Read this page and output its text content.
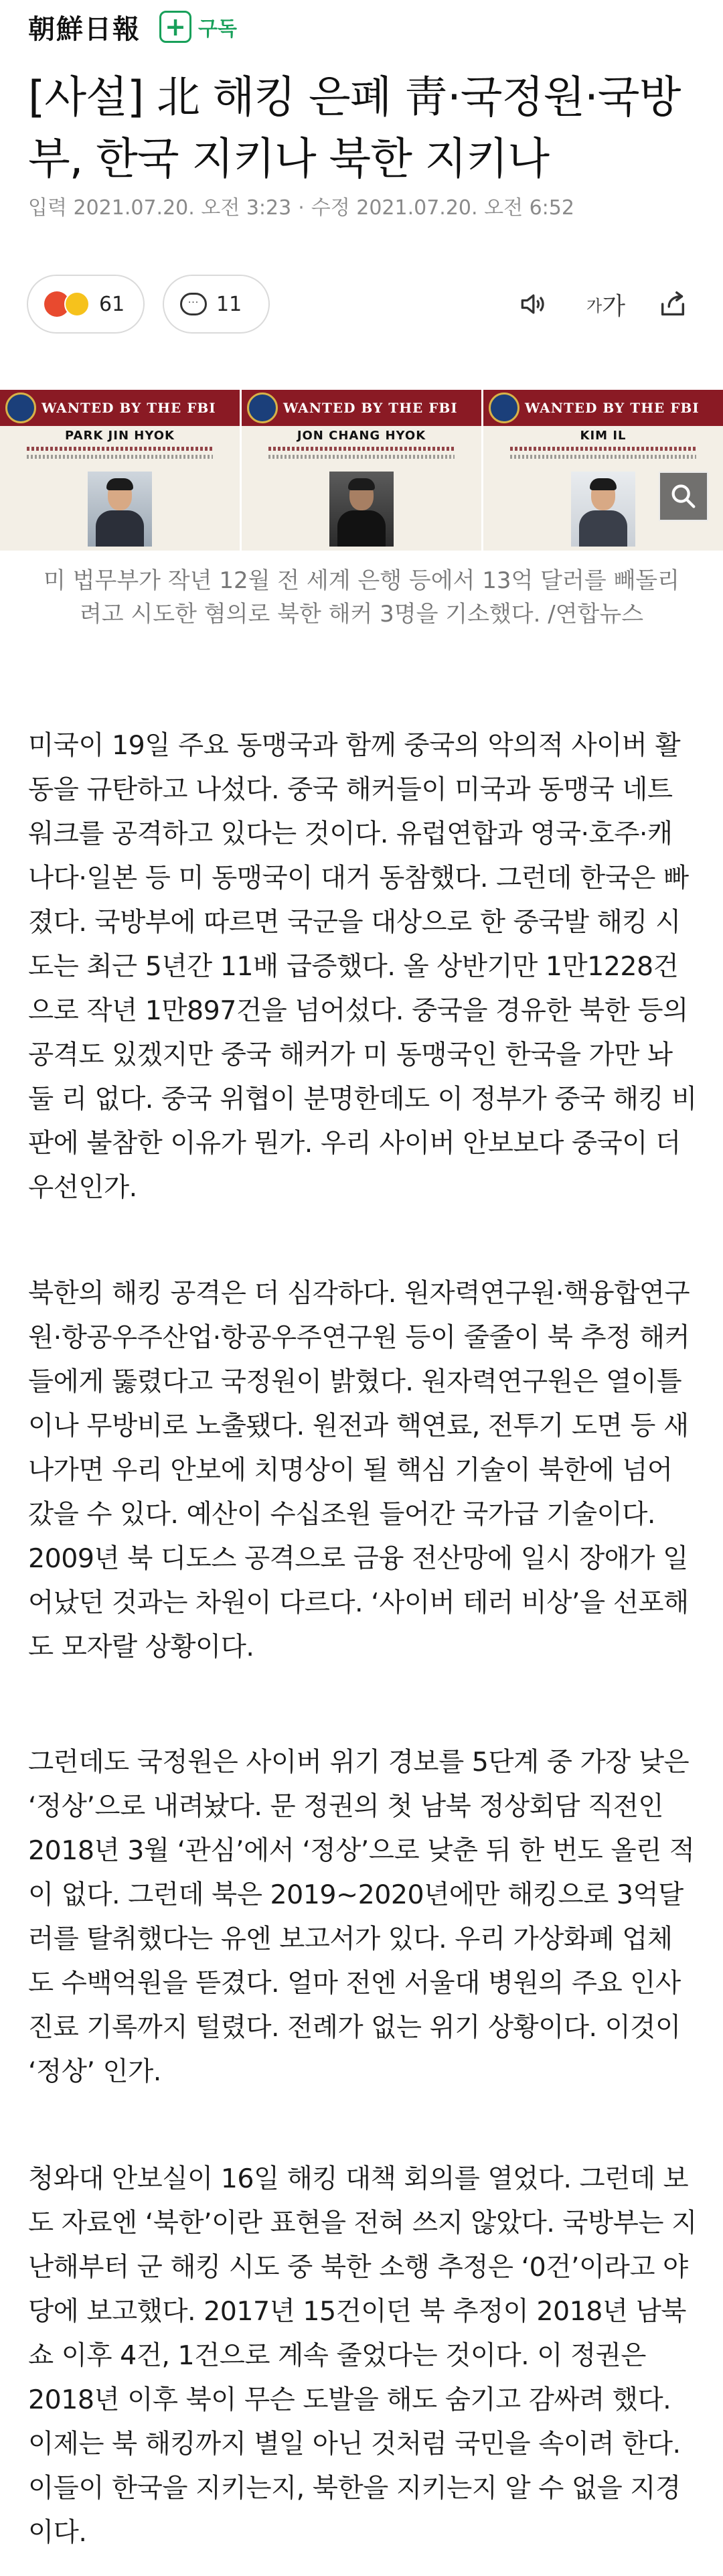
朝鮮日報 + 구독
[사설] 北 해킹 은폐 靑·국정원·국방부, 한국 지키나 북한 지키나
입력 2021.07.20. 오전 3:23 · 수정 2021.07.20. 오전 6:52
61	··· 11	가 가
WANTED BY THE FBI
PARK JIN HYOK
WANTED BY THE FBI
JON CHANG HYOK
WANTED BY THE FBI
KIM IL
미 법무부가 작년 12월 전 세계 은행 등에서 13억 달러를 빼돌리려고 시도한 혐의로 북한 해커 3명을 기소했다. /연합뉴스

미국이 19일 주요 동맹국과 함께 중국의 악의적 사이버 활동을 규탄하고 나섰다. 중국 해커들이 미국과 동맹국 네트워크를 공격하고 있다는 것이다. 유럽연합과 영국·호주·캐나다·일본 등 미 동맹국이 대거 동참했다. 그런데 한국은 빠졌다. 국방부에 따르면 국군을 대상으로 한 중국발 해킹 시도는 최근 5년간 11배 급증했다. 올 상반기만 1만1228건으로 작년 1만897건을 넘어섰다. 중국을 경유한 북한 등의 공격도 있겠지만 중국 해커가 미 동맹국인 한국을 가만 놔둘 리 없다. 중국 위협이 분명한데도 이 정부가 중국 해킹 비판에 불참한 이유가 뭔가. 우리 사이버 안보보다 중국이 더 우선인가.

북한의 해킹 공격은 더 심각하다. 원자력연구원·핵융합연구원·항공우주산업·항공우주연구원 등이 줄줄이 북 추정 해커들에게 뚫렸다고 국정원이 밝혔다. 원자력연구원은 열이틀이나 무방비로 노출됐다. 원전과 핵연료, 전투기 도면 등 새 나가면 우리 안보에 치명상이 될 핵심 기술이 북한에 넘어갔을 수 있다. 예산이 수십조원 들어간 국가급 기술이다. 2009년 북 디도스 공격으로 금융 전산망에 일시 장애가 일어났던 것과는 차원이 다르다. ‘사이버 테러 비상’을 선포해도 모자랄 상황이다.

그런데도 국정원은 사이버 위기 경보를 5단계 중 가장 낮은 ‘정상’으로 내려놨다. 문 정권의 첫 남북 정상회담 직전인 2018년 3월 ‘관심’에서 ‘정상’으로 낮춘 뒤 한 번도 올린 적이 없다. 그런데 북은 2019~2020년에만 해킹으로 3억달러를 탈취했다는 유엔 보고서가 있다. 우리 가상화폐 업체도 수백억원을 뜯겼다. 얼마 전엔 서울대 병원의 주요 인사 진료 기록까지 털렸다. 전례가 없는 위기 상황이다. 이것이 ‘정상’ 인가.

청와대 안보실이 16일 해킹 대책 회의를 열었다. 그런데 보도 자료엔 ‘북한’이란 표현을 전혀 쓰지 않았다. 국방부는 지난해부터 군 해킹 시도 중 북한 소행 추정은 ‘0건’이라고 야당에 보고했다. 2017년 15건이던 북 추정이 2018년 남북 쇼 이후 4건, 1건으로 계속 줄었다는 것이다. 이 정권은 2018년 이후 북이 무슨 도발을 해도 숨기고 감싸려 했다. 이제는 북 해킹까지 별일 아닌 것처럼 국민을 속이려 한다. 이들이 한국을 지키는지, 북한을 지키는지 알 수 없을 지경이다.
